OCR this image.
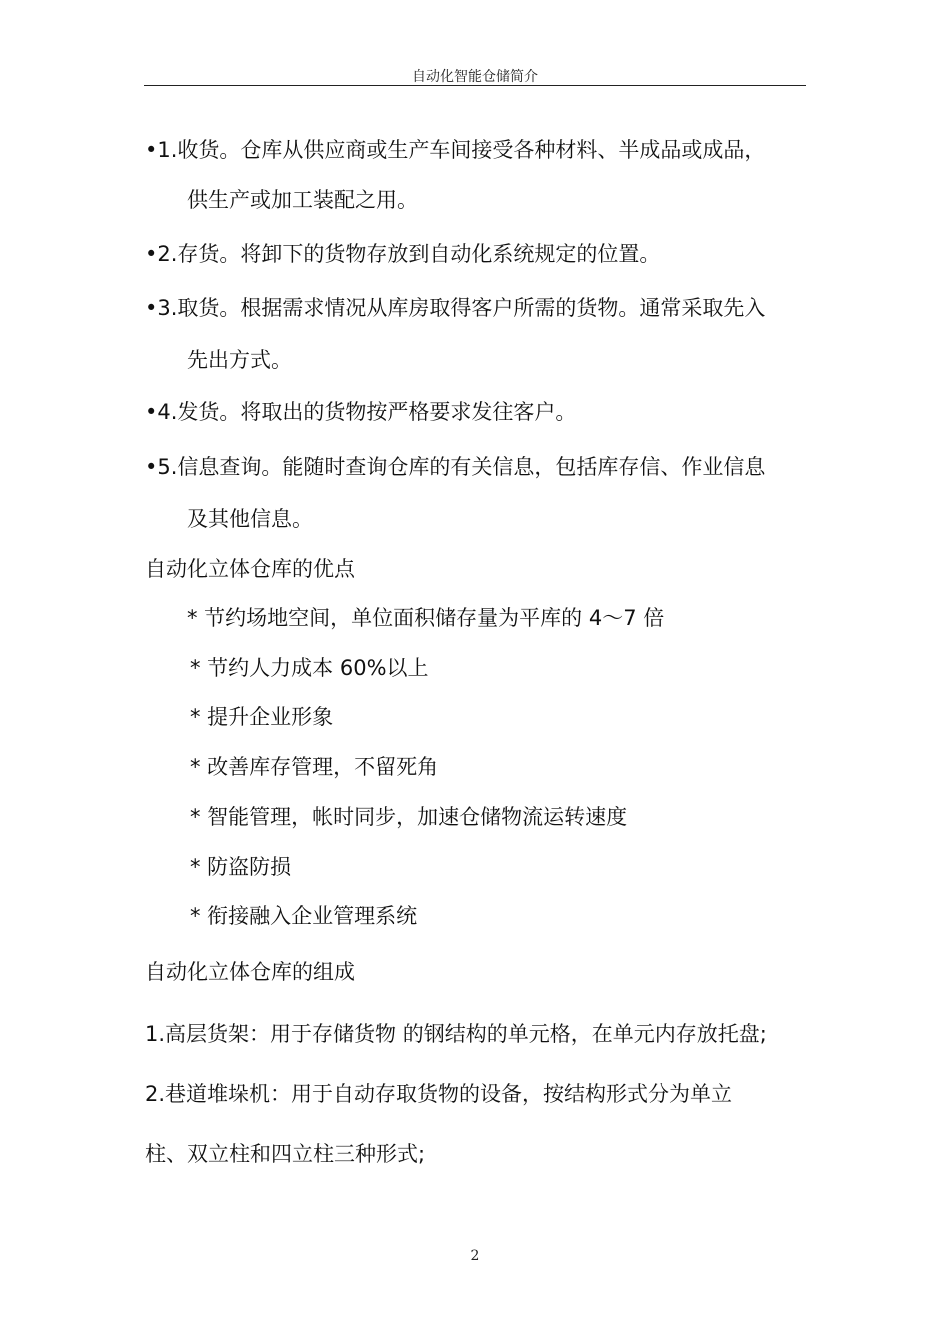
自动化智能仓储简介
•1.收货。仓库从供应商或生产车间接受各种材料、半成品或成品，
供生产或加工装配之用。
•2.存货。将卸下的货物存放到自动化系统规定的位置。
•3.取货。根据需求情况从库房取得客户所需的货物。通常采取先入
先出方式。
•4.发货。将取出的货物按严格要求发往客户。
•5.信息查询。能随时查询仓库的有关信息，包括库存信、作业信息
及其他信息。
自动化立体仓库的优点
* 节约场地空间，单位面积储存量为平库的 4～7 倍
* 节约人力成本 60%以上
* 提升企业形象
* 改善库存管理，不留死角
* 智能管理，帐时同步，加速仓储物流运转速度
* 防盗防损
* 衔接融入企业管理系统
自动化立体仓库的组成
1.高层货架：用于存储货物 的钢结构的单元格，在单元内存放托盘;
2.巷道堆垛机：用于自动存取货物的设备，按结构形式分为单立
柱、双立柱和四立柱三种形式;
2
